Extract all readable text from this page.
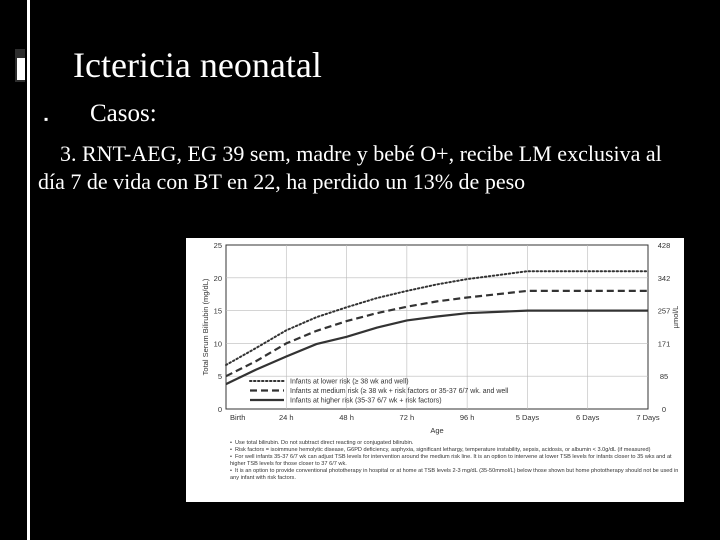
Ictericia neonatal
▪ Casos:
3. RNT-AEG, EG 39 sem, madre y bebé O+, recibe LM exclusiva al día 7 de vida con BT en 22, ha perdido un 13% de peso
0	0
5	85
10	171
15	257
20	342
25	428
Birth	24 h	48 h	72 h	96 h	5 Days	6 Days	7 Days
Age
Total Serum Bilirubin (mg/dL)	µmol/L
Infants at lower risk (≥ 38 wk and well)
Infants at medium risk (≥ 38 wk + risk factors or 35-37 6/7 wk. and well
Infants at higher risk (35-37 6/7 wk + risk factors)
• Use total bilirubin. Do not subtract direct reacting or conjugated bilirubin.
• Risk factors = isoimmune hemolytic disease, G6PD deficiency, asphyxia, significant lethargy, temperature instability, sepsis, acidosis, or albumin < 3.0g/dL (if measured)
• For well infants 35-37 6/7 wk can adjust TSB levels for intervention around the medium risk line. It is an option to intervene at lower TSB levels for infants closer to 35 wks and at higher TSB levels for those closer to 37 6/7 wk.
• It is an option to provide conventional phototherapy in hospital or at home at TSB levels 2-3 mg/dL (35-50mmol/L) below those shown but home phototherapy should not be used in any infant with risk factors.
